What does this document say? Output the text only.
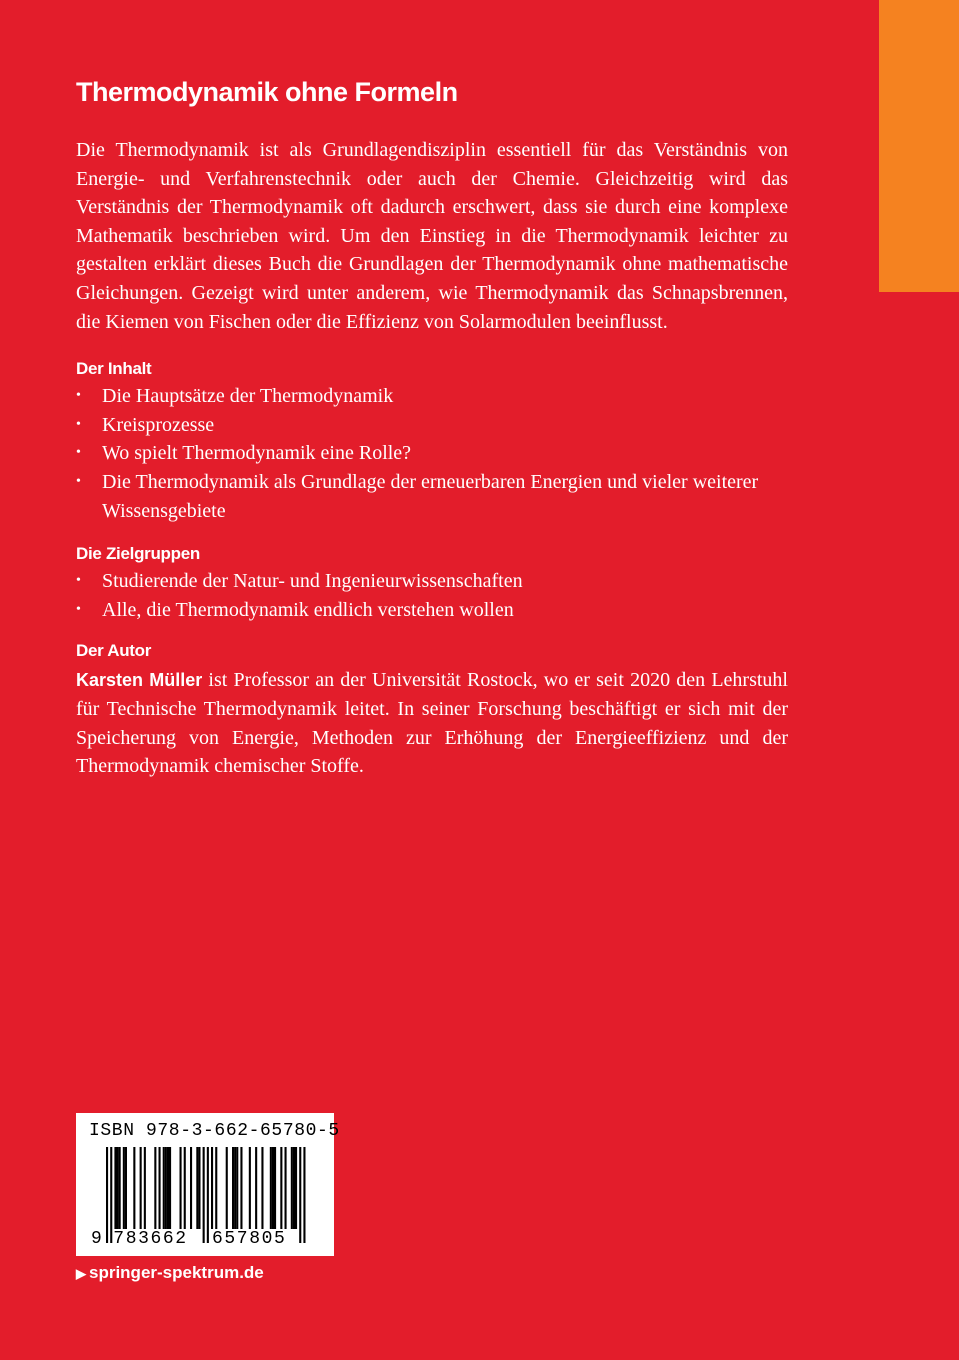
Thermodynamik ohne Formeln

Die Thermodynamik ist als Grundlagendisziplin essentiell für das Verständnis von Energie- und Verfahrenstechnik oder auch der Chemie. Gleichzeitig wird das Verständnis der Thermodynamik oft dadurch erschwert, dass sie durch eine komplexe Mathematik beschrieben wird. Um den Einstieg in die Thermodynamik leichter zu gestalten erklärt dieses Buch die Grundlagen der Thermodynamik ohne mathematische Gleichungen. Gezeigt wird unter anderem, wie Thermodynamik das Schnapsbrennen, die Kiemen von Fischen oder die Effizienz von Solarmodulen beeinflusst.

Der Inhalt
• Die Hauptsätze der Thermodynamik
• Kreisprozesse
• Wo spielt Thermodynamik eine Rolle?
• Die Thermodynamik als Grundlage der erneuerbaren Energien und vieler weiterer Wissensgebiete
Die Zielgruppen
• Studierende der Natur- und Ingenieurwissenschaften
• Alle, die Thermodynamik endlich verstehen wollen
Der Autor

Karsten Müller ist Professor an der Universität Rostock, wo er seit 2020 den Lehrstuhl für Technische Thermodynamik leitet. In seiner Forschung beschäftigt er sich mit der Speicherung von Energie, Methoden zur Erhöhung der Energieeffizienz und der Thermodynamik chemischer Stoffe.

ISBN 978-3-662-65780-5
9 783662	657805
▶ springer-spektrum.de
